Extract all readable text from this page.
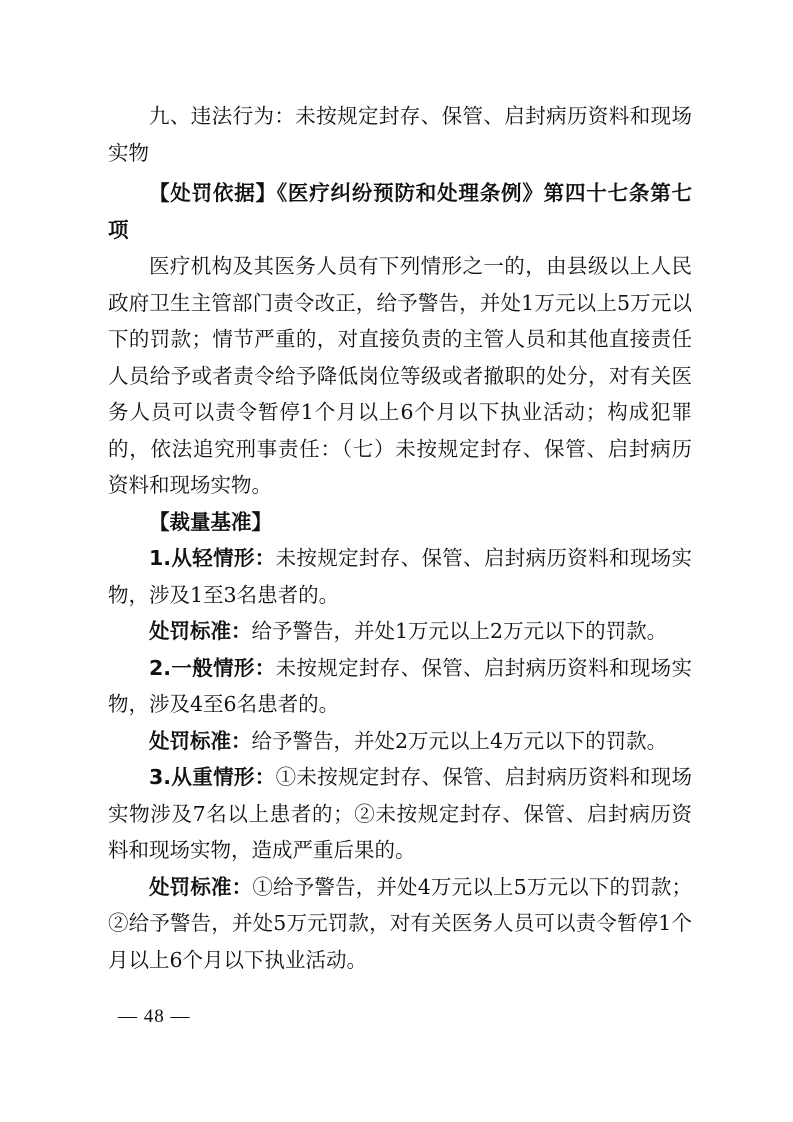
九、违法行为：未按规定封存、保管、启封病历资料和现场实物

【处罚依据】《医疗纠纷预防和处理条例》第四十七条第七项

医疗机构及其医务人员有下列情形之一的，由县级以上人民政府卫生主管部门责令改正，给予警告，并处1万元以上5万元以下的罚款；情节严重的，对直接负责的主管人员和其他直接责任人员给予或者责令给予降低岗位等级或者撤职的处分，对有关医务人员可以责令暂停1个月以上6个月以下执业活动；构成犯罪的，依法追究刑事责任：（七）未按规定封存、保管、启封病历资料和现场实物。

【裁量基准】

1.从轻情形：未按规定封存、保管、启封病历资料和现场实物，涉及1至3名患者的。

处罚标准：给予警告，并处1万元以上2万元以下的罚款。

2.一般情形：未按规定封存、保管、启封病历资料和现场实物，涉及4至6名患者的。

处罚标准：给予警告，并处2万元以上4万元以下的罚款。

3.从重情形：①未按规定封存、保管、启封病历资料和现场实物涉及7名以上患者的；②未按规定封存、保管、启封病历资料和现场实物，造成严重后果的。

处罚标准：①给予警告，并处4万元以上5万元以下的罚款；②给予警告，并处5万元罚款，对有关医务人员可以责令暂停1个月以上6个月以下执业活动。

— 48 —
